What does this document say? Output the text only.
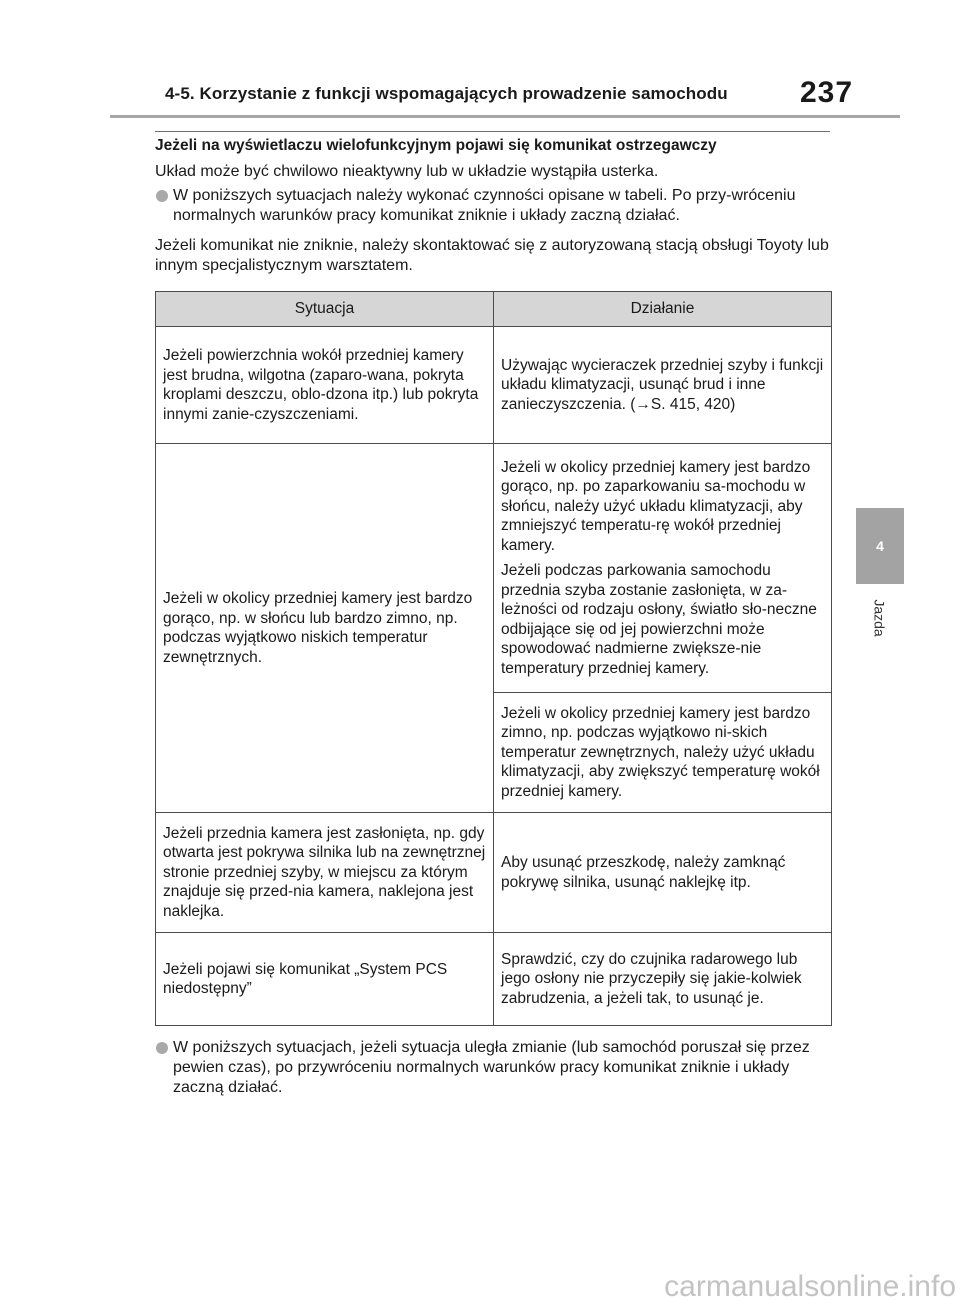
4-5. Korzystanie z funkcji wspomagających prowadzenie samochodu	237
4
Jazda
Jeżeli na wyświetlaczu wielofunkcyjnym pojawi się komunikat ostrzegawczy
Układ może być chwilowo nieaktywny lub w układzie wystąpiła usterka.
W poniższych sytuacjach należy wykonać czynności opisane w tabeli. Po przy-wróceniu normalnych warunków pracy komunikat zniknie i układy zaczną działać.
Jeżeli komunikat nie zniknie, należy skontaktować się z autoryzowaną stacją obsługi Toyoty lub innym specjalistycznym warsztatem.
Sytuacja	Działanie
Jeżeli powierzchnia wokół przedniej kamery jest brudna, wilgotna (zaparo-wana, pokryta kroplami deszczu, oblo-dzona itp.) lub pokryta innymi zanie-czyszczeniami.	Używając wycieraczek przedniej szyby i funkcji układu klimatyzacji, usunąć brud i inne zanieczyszczenia. (→S. 415, 420)

Jeżeli w okolicy przedniej kamery jest bardzo gorąco, np. w słońcu lub bardzo zimno, np. podczas wyjątkowo niskich temperatur zewnętrznych.	Jeżeli w okolicy przedniej kamery jest bardzo gorąco, np. po zaparkowaniu sa-mochodu w słońcu, należy użyć układu klimatyzacji, aby zmniejszyć temperatu-rę wokół przedniej kamery.

Jeżeli podczas parkowania samochodu przednia szyba zostanie zasłonięta, w za-leżności od rodzaju osłony, światło sło-neczne odbijające się od jej powierzchni może spowodować nadmierne zwiększe-nie temperatury przedniej kamery.

	Jeżeli w okolicy przedniej kamery jest bardzo zimno, np. podczas wyjątkowo ni-skich temperatur zewnętrznych, należy użyć układu klimatyzacji, aby zwiększyć temperaturę wokół przedniej kamery.

Jeżeli przednia kamera jest zasłonięta, np. gdy otwarta jest pokrywa silnika lub na zewnętrznej stronie przedniej szyby, w miejscu za którym znajduje się przed-nia kamera, naklejona jest naklejka.	Aby usunąć przeszkodę, należy zamknąć pokrywę silnika, usunąć naklejkę itp.

Jeżeli pojawi się komunikat „System PCS niedostępny”	Sprawdzić, czy do czujnika radarowego lub jego osłony nie przyczepiły się jakie-kolwiek zabrudzenia, a jeżeli tak, to usunąć je.

W poniższych sytuacjach, jeżeli sytuacja uległa zmianie (lub samochód poruszał się przez pewien czas), po przywróceniu normalnych warunków pracy komunikat zniknie i układy zaczną działać.
carmanualsonline.info
